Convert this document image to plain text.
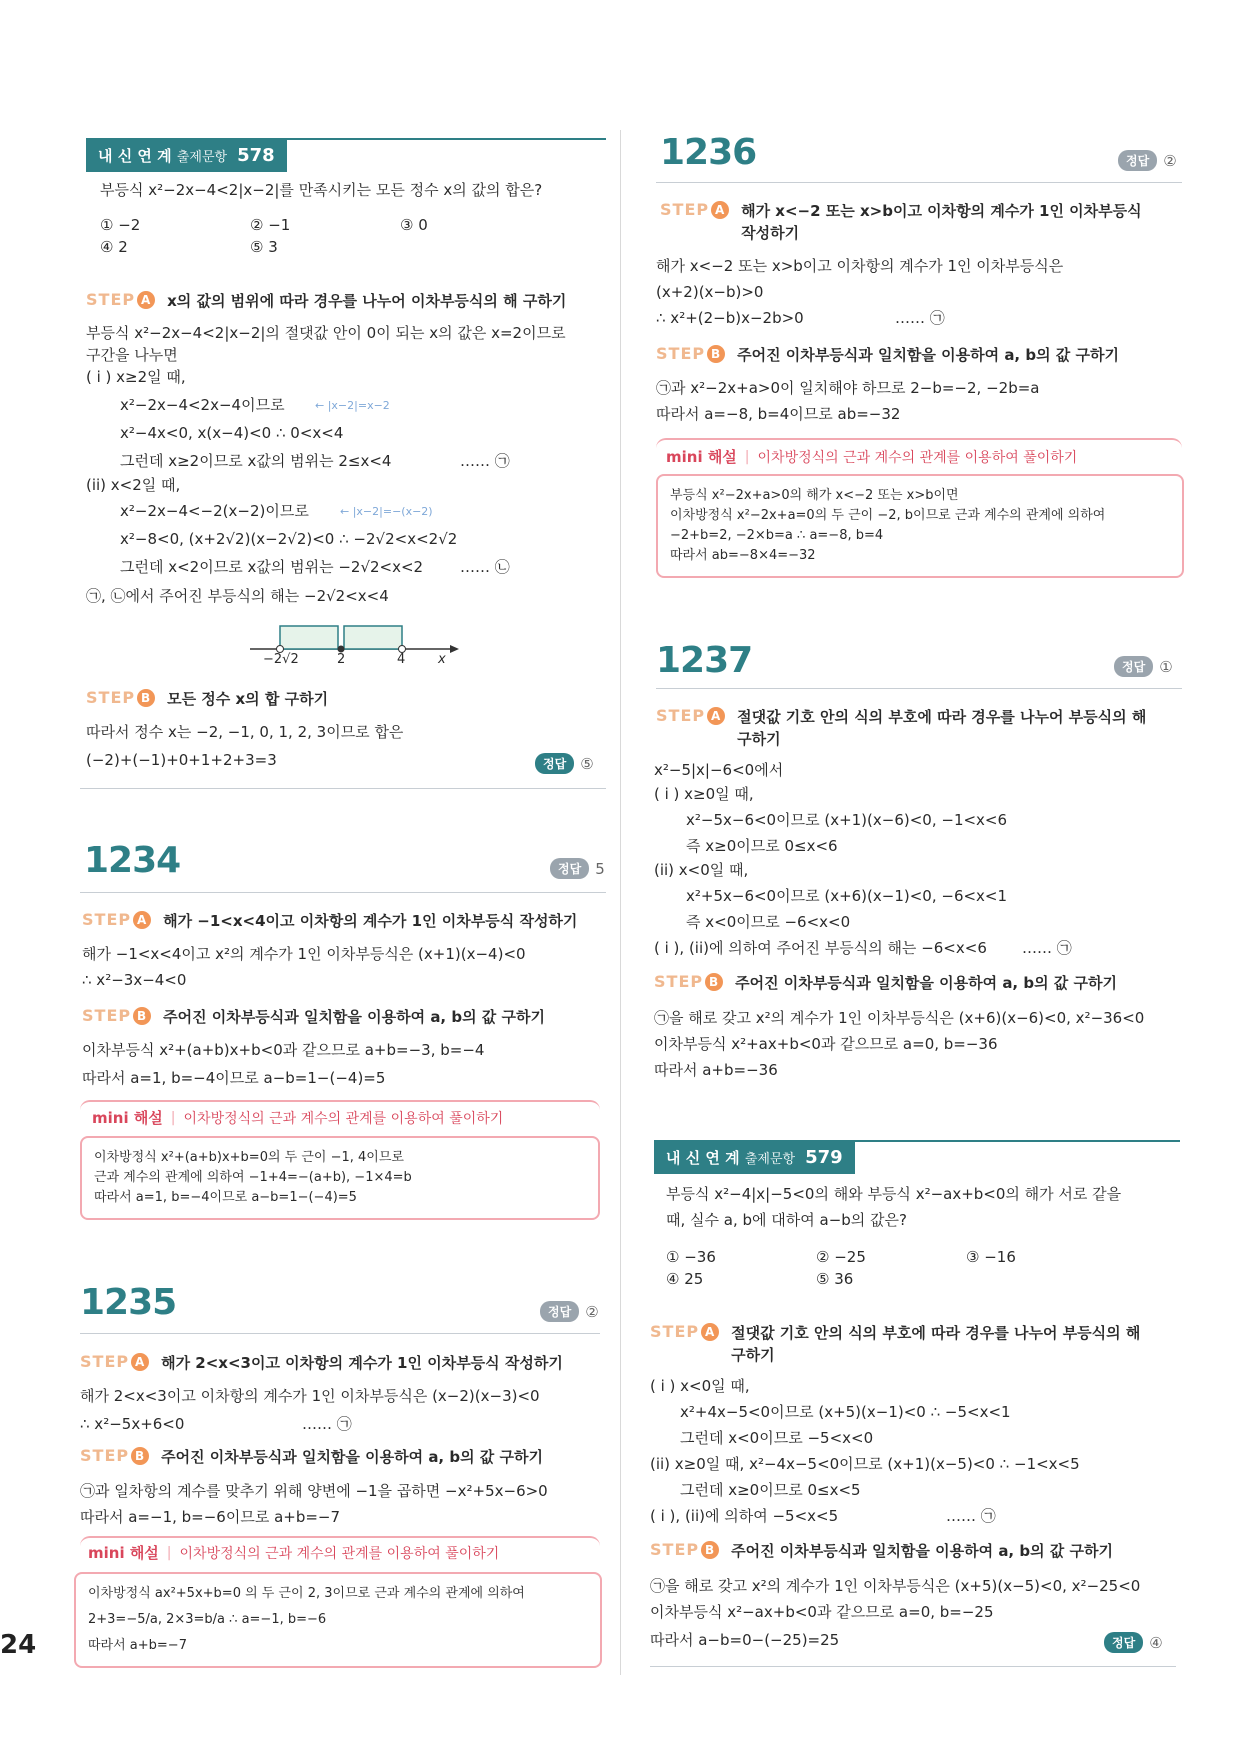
24
내 신 연 계
출제문항 578
부등식 x²−2x−4<2|x−2|를 만족시키는 모든 정수 x의 값의 합은?
① −2	② −1	③ 0
④ 2	⑤ 3
STEP A x의 값의 범위에 따라 경우를 나누어 이차부등식의 해 구하기
부등식 x²−2x−4<2|x−2|의 절댓값 안이 0이 되는 x의 값은 x=2이므로
구간을 나누면
( i ) x≥2일 때,
x²−2x−4<2x−4이므로	← |x−2|=x−2
x²−4x<0, x(x−4)<0 ∴ 0<x<4
그런데 x≥2이므로 x값의 범위는 2≤x<4	…… ㉠
(ii) x<2일 때,
x²−2x−4<−2(x−2)이므로	← |x−2|=−(x−2)
x²−8<0, (x+2√2)(x−2√2)<0 ∴ −2√2<x<2√2
그런데 x<2이므로 x값의 범위는 −2√2<x<2 …… ㉡
㉠, ㉡에서 주어진 부등식의 해는 −2√2<x<4
−2√2	2	4	x
STEP B 모든 정수 x의 합 구하기
따라서 정수 x는 −2, −1, 0, 1, 2, 3이므로 합은
(−2)+(−1)+0+1+2+3=3	정답 ⑤
1234	정답 5
STEP A 해가 −1<x<4이고 이차항의 계수가 1인 이차부등식 작성하기
해가 −1<x<4이고 x²의 계수가 1인 이차부등식은 (x+1)(x−4)<0
∴ x²−3x−4<0
STEP B 주어진 이차부등식과 일치함을 이용하여 a, b의 값 구하기
이차부등식 x²+(a+b)x+b<0과 같으므로 a+b=−3, b=−4
따라서 a=1, b=−4이므로 a−b=1−(−4)=5
mini 해설 | 이차방정식의 근과 계수의 관계를 이용하여 풀이하기
이차방정식 x²+(a+b)x+b=0의 두 근이 −1, 4이므로
근과 계수의 관계에 의하여 −1+4=−(a+b), −1×4=b
따라서 a=1, b=−4이므로 a−b=1−(−4)=5
1235	정답 ②
STEP A 해가 2<x<3이고 이차항의 계수가 1인 이차부등식 작성하기
해가 2<x<3이고 이차항의 계수가 1인 이차부등식은 (x−2)(x−3)<0
∴ x²−5x+6<0	…… ㉠
STEP B 주어진 이차부등식과 일치함을 이용하여 a, b의 값 구하기
㉠과 일차항의 계수를 맞추기 위해 양변에 −1을 곱하면 −x²+5x−6>0
따라서 a=−1, b=−6이므로 a+b=−7
mini 해설 | 이차방정식의 근과 계수의 관계를 이용하여 풀이하기
이차방정식 ax²+5x+b=0 의 두 근이 2, 3이므로 근과 계수의 관계에 의하여
2+3=−5/a, 2×3=b/a ∴ a=−1, b=−6
따라서 a+b=−7
1236	정답 ②
STEP A 해가 x<−2 또는 x>b이고 이차항의 계수가 1인 이차부등식 작성하기
해가 x<−2 또는 x>b이고 이차항의 계수가 1인 이차부등식은
(x+2)(x−b)>0
∴ x²+(2−b)x−2b>0	…… ㉠
STEP B 주어진 이차부등식과 일치함을 이용하여 a, b의 값 구하기
㉠과 x²−2x+a>0이 일치해야 하므로 2−b=−2, −2b=a
따라서 a=−8, b=4이므로 ab=−32
mini 해설 | 이차방정식의 근과 계수의 관계를 이용하여 풀이하기
부등식 x²−2x+a>0의 해가 x<−2 또는 x>b이면
이차방정식 x²−2x+a=0의 두 근이 −2, b이므로 근과 계수의 관계에 의하여
−2+b=2, −2×b=a ∴ a=−8, b=4
따라서 ab=−8×4=−32
1237	정답 ①
STEP A 절댓값 기호 안의 식의 부호에 따라 경우를 나누어 부등식의 해 구하기
x²−5|x|−6<0에서
( i ) x≥0일 때,
x²−5x−6<0이므로 (x+1)(x−6)<0, −1<x<6
즉 x≥0이므로 0≤x<6
(ii) x<0일 때,
x²+5x−6<0이므로 (x+6)(x−1)<0, −6<x<1
즉 x<0이므로 −6<x<0
( i ), (ii)에 의하여 주어진 부등식의 해는 −6<x<6 …… ㉠
STEP B 주어진 이차부등식과 일치함을 이용하여 a, b의 값 구하기
㉠을 해로 갖고 x²의 계수가 1인 이차부등식은 (x+6)(x−6)<0, x²−36<0
이차부등식 x²+ax+b<0과 같으므로 a=0, b=−36
따라서 a+b=−36
내 신 연 계
출제문항 579
부등식 x²−4|x|−5<0의 해와 부등식 x²−ax+b<0의 해가 서로 같을
때, 실수 a, b에 대하여 a−b의 값은?
① −36	② −25	③ −16
④ 25	⑤ 36
STEP A 절댓값 기호 안의 식의 부호에 따라 경우를 나누어 부등식의 해 구하기
( i ) x<0일 때,
x²+4x−5<0이므로 (x+5)(x−1)<0 ∴ −5<x<1
그런데 x<0이므로 −5<x<0
(ii) x≥0일 때, x²−4x−5<0이므로 (x+1)(x−5)<0 ∴ −1<x<5
그런데 x≥0이므로 0≤x<5
( i ), (ii)에 의하여 −5<x<5	…… ㉠
STEP B 주어진 이차부등식과 일치함을 이용하여 a, b의 값 구하기
㉠을 해로 갖고 x²의 계수가 1인 이차부등식은 (x+5)(x−5)<0, x²−25<0
이차부등식 x²−ax+b<0과 같으므로 a=0, b=−25
따라서 a−b=0−(−25)=25	정답 ④
